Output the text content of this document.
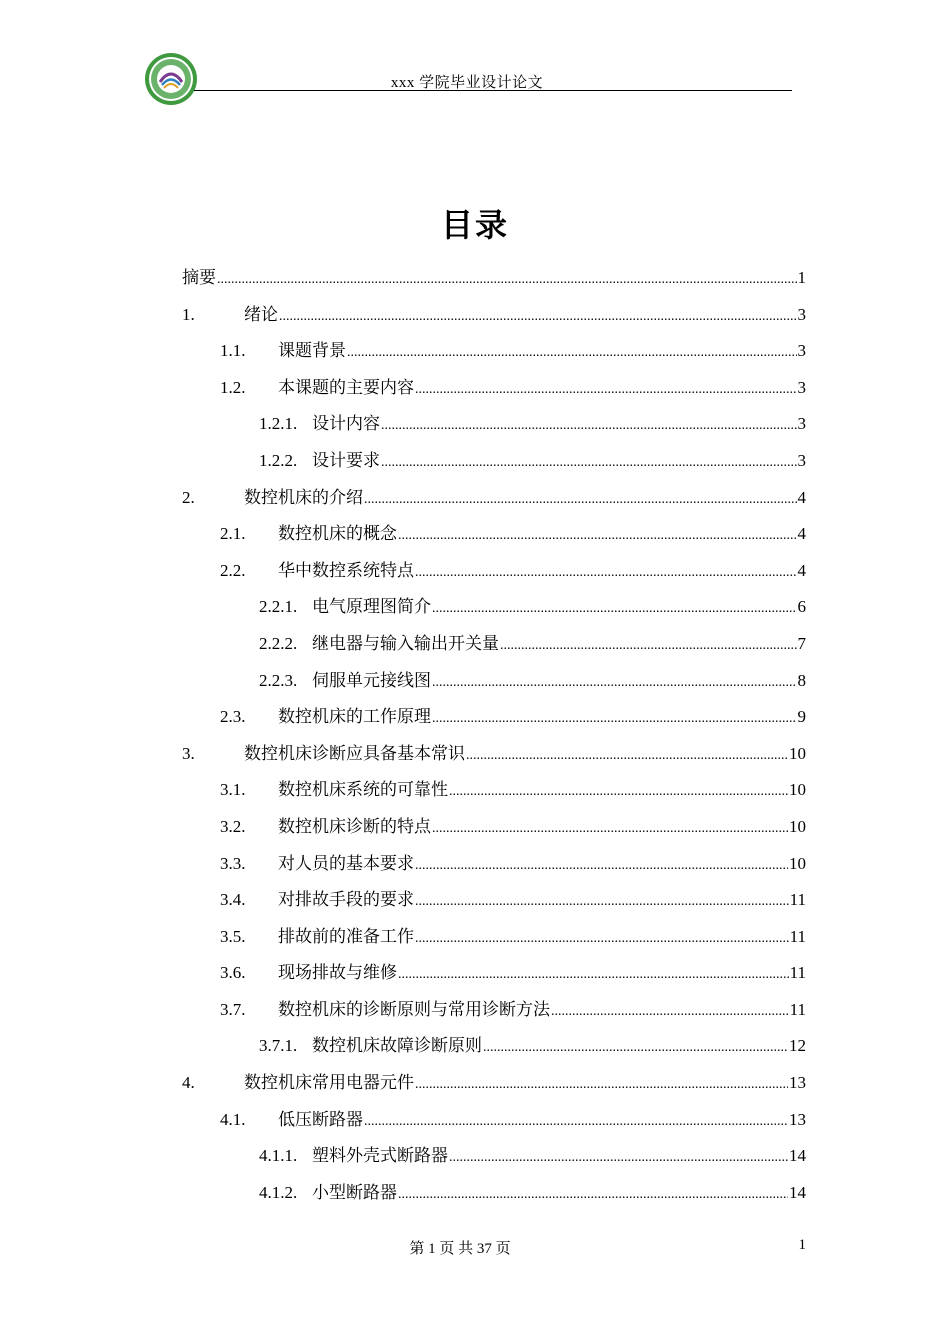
xxx 学院毕业设计论文
目录
摘要 .....	1
1.	绪论 .....	3
1.1.	课题背景 .....	3
1.2.	本课题的主要内容 .....	3
1.2.1. 设计内容 .....	3
1.2.2. 设计要求 .....	3
2.	数控机床的介绍 .....	4
2.1.	数控机床的概念 .....	4
2.2.	华中数控系统特点 .....	4
2.2.1. 电气原理图简介 .....	6
2.2.2. 继电器与输入输出开关量 .....	7
2.2.3. 伺服单元接线图 .....	8
2.3.	数控机床的工作原理 .....	9
3.	数控机床诊断应具备基本常识 .....	10
3.1.	数控机床系统的可靠性 .....	10
3.2.	数控机床诊断的特点 .....	10
3.3.	对人员的基本要求 .....	10
3.4.	对排故手段的要求 .....	11
3.5.	排故前的准备工作 .....	11
3.6.	现场排故与维修 .....	11
3.7.	数控机床的诊断原则与常用诊断方法 .....	11
3.7.1. 数控机床故障诊断原则 .....	12
4.	数控机床常用电器元件 .....	13
4.1.	低压断路器 .....	13
4.1.1. 塑料外壳式断路器 .....	14
4.1.2. 小型断路器 .....	14
第 1 页 共 37 页	1
